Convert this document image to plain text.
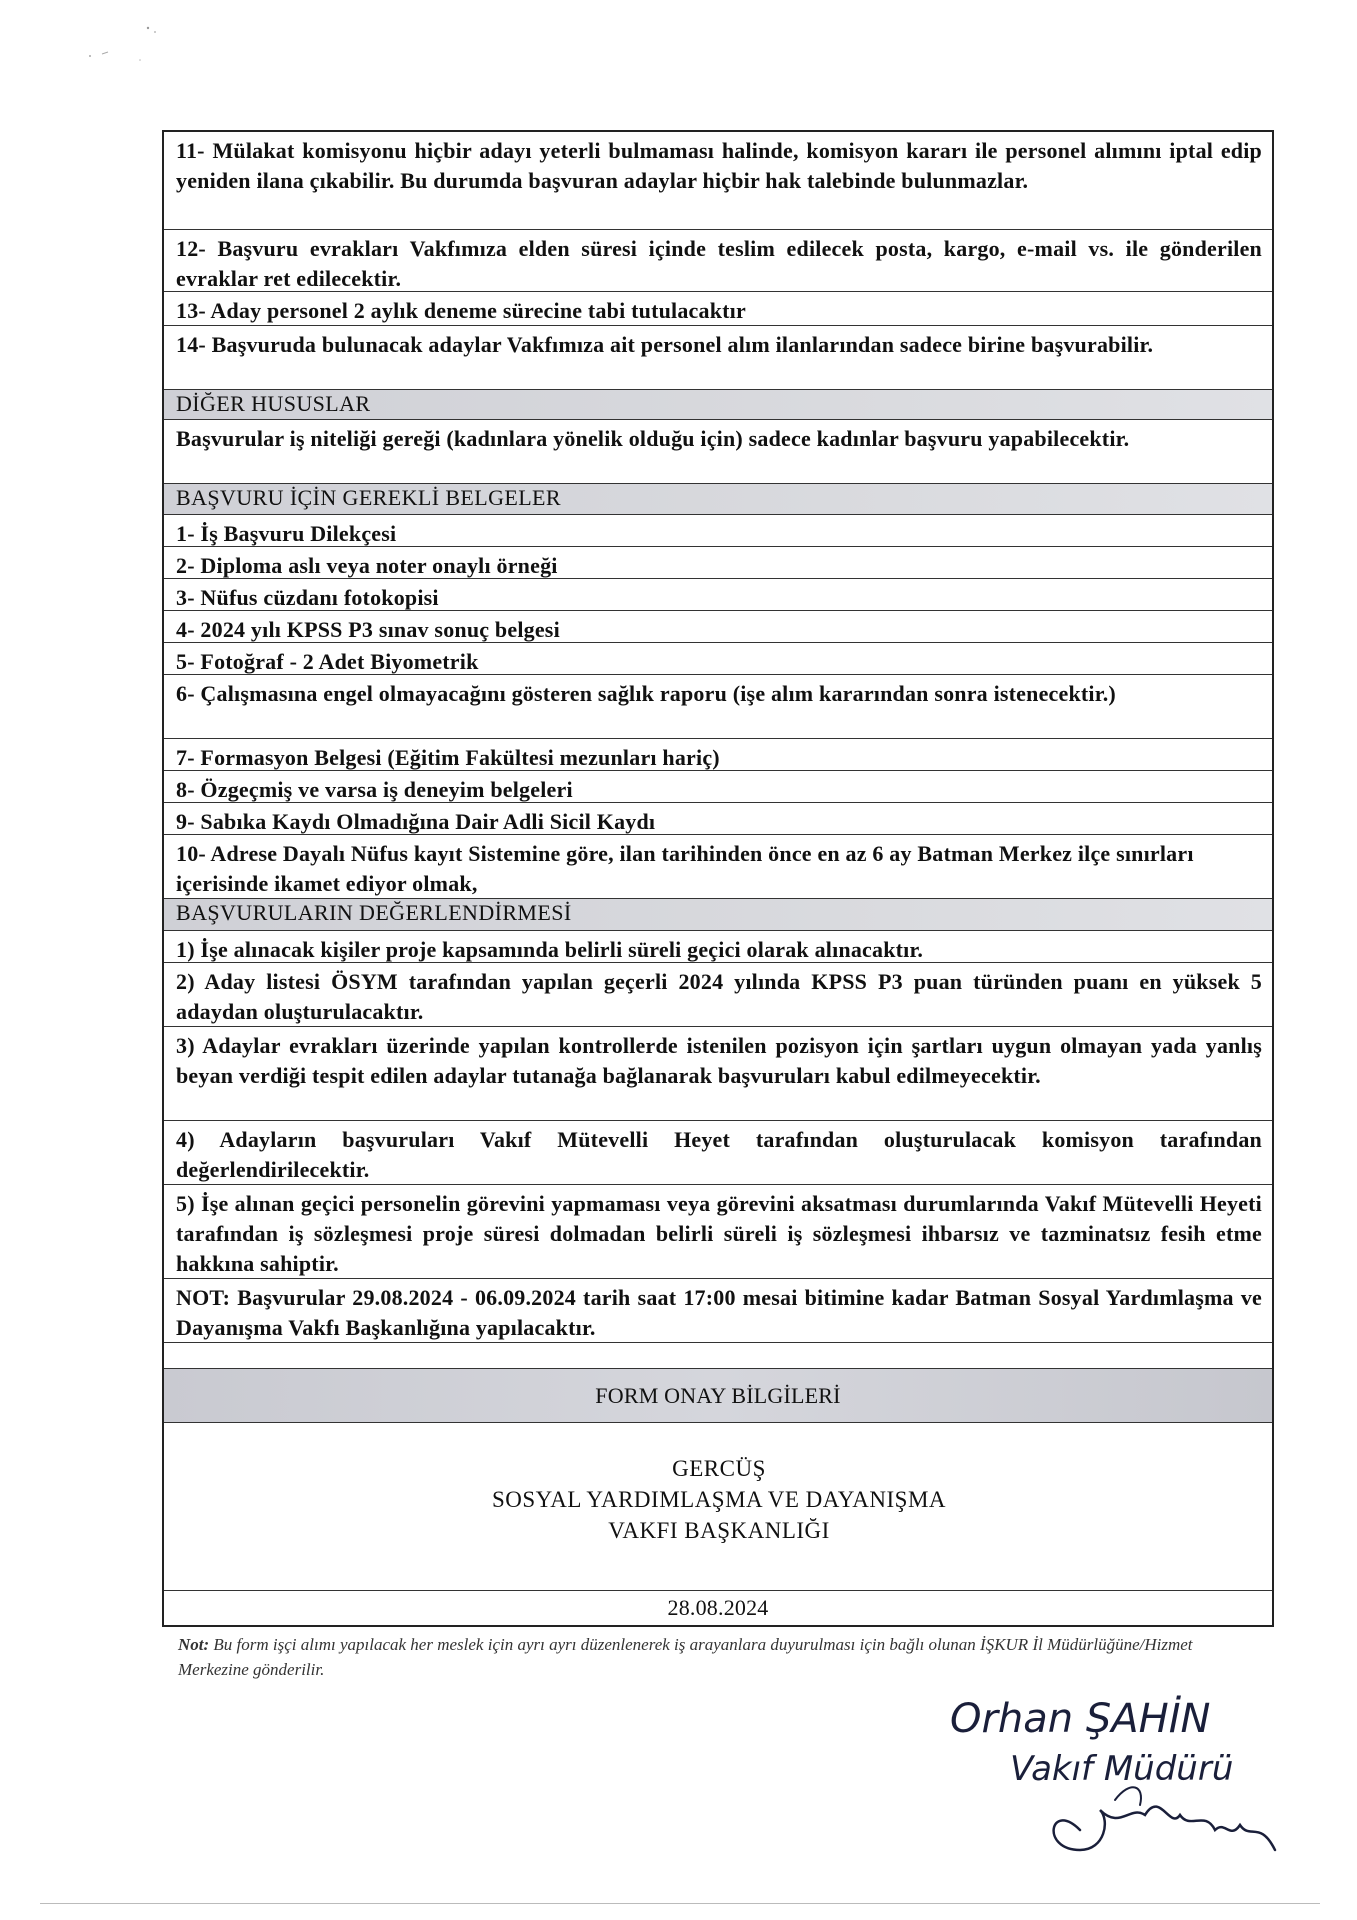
11- Mülakat komisyonu hiçbir adayı yeterli bulmaması halinde, komisyon kararı ile personel alımını iptal edip yeniden ilana çıkabilir. Bu durumda başvuran adaylar hiçbir hak talebinde bulunmazlar.
12- Başvuru evrakları Vakfımıza elden süresi içinde teslim edilecek posta, kargo, e-mail vs. ile gönderilen evraklar ret edilecektir.
13- Aday personel 2 aylık deneme sürecine tabi tutulacaktır
14- Başvuruda bulunacak adaylar Vakfımıza ait personel alım ilanlarından sadece birine başvurabilir.
DİĞER HUSUSLAR
Başvurular iş niteliği gereği (kadınlara yönelik olduğu için) sadece kadınlar başvuru yapabilecektir.
BAŞVURU İÇİN GEREKLİ BELGELER
1- İş Başvuru Dilekçesi
2- Diploma aslı veya noter onaylı örneği
3- Nüfus cüzdanı fotokopisi
4- 2024 yılı KPSS P3 sınav sonuç belgesi
5- Fotoğraf - 2 Adet Biyometrik
6- Çalışmasına engel olmayacağını gösteren sağlık raporu (işe alım kararından sonra istenecektir.)
7- Formasyon Belgesi (Eğitim Fakültesi mezunları hariç)
8- Özgeçmiş ve varsa iş deneyim belgeleri
9- Sabıka Kaydı Olmadığına Dair Adli Sicil Kaydı
10- Adrese Dayalı Nüfus kayıt Sistemine göre, ilan tarihinden önce en az 6 ay Batman Merkez ilçe sınırları içerisinde ikamet ediyor olmak,
BAŞVURULARIN DEĞERLENDİRMESİ
1) İşe alınacak kişiler proje kapsamında belirli süreli geçici olarak alınacaktır.
2) Aday listesi ÖSYM tarafından yapılan geçerli 2024 yılında KPSS P3 puan türünden puanı en yüksek 5 adaydan oluşturulacaktır.
3) Adaylar evrakları üzerinde yapılan kontrollerde istenilen pozisyon için şartları uygun olmayan yada yanlış beyan verdiği tespit edilen adaylar tutanağa bağlanarak başvuruları kabul edilmeyecektir.
4) Adayların başvuruları Vakıf Mütevelli Heyet tarafından oluşturulacak komisyon tarafından değerlendirilecektir.
5) İşe alınan geçici personelin görevini yapmaması veya görevini aksatması durumlarında Vakıf Mütevelli Heyeti tarafından iş sözleşmesi proje süresi dolmadan belirli süreli iş sözleşmesi ihbarsız ve tazminatsız fesih etme hakkına sahiptir.
NOT: Başvurular 29.08.2024 - 06.09.2024 tarih saat 17:00 mesai bitimine kadar Batman Sosyal Yardımlaşma ve Dayanışma Vakfı Başkanlığına yapılacaktır.
FORM ONAY BİLGİLERİ
GERCÜŞ
SOSYAL YARDIMLAŞMA VE DAYANIŞMA
VAKFI BAŞKANLIĞI
28.08.2024
Not: Bu form işçi alımı yapılacak her meslek için ayrı ayrı düzenlenerek iş arayanlara duyurulması için bağlı olunan İŞKUR İl Müdürlüğüne/Hizmet Merkezine gönderilir.
Orhan ŞAHİN
Vakıf Müdürü
